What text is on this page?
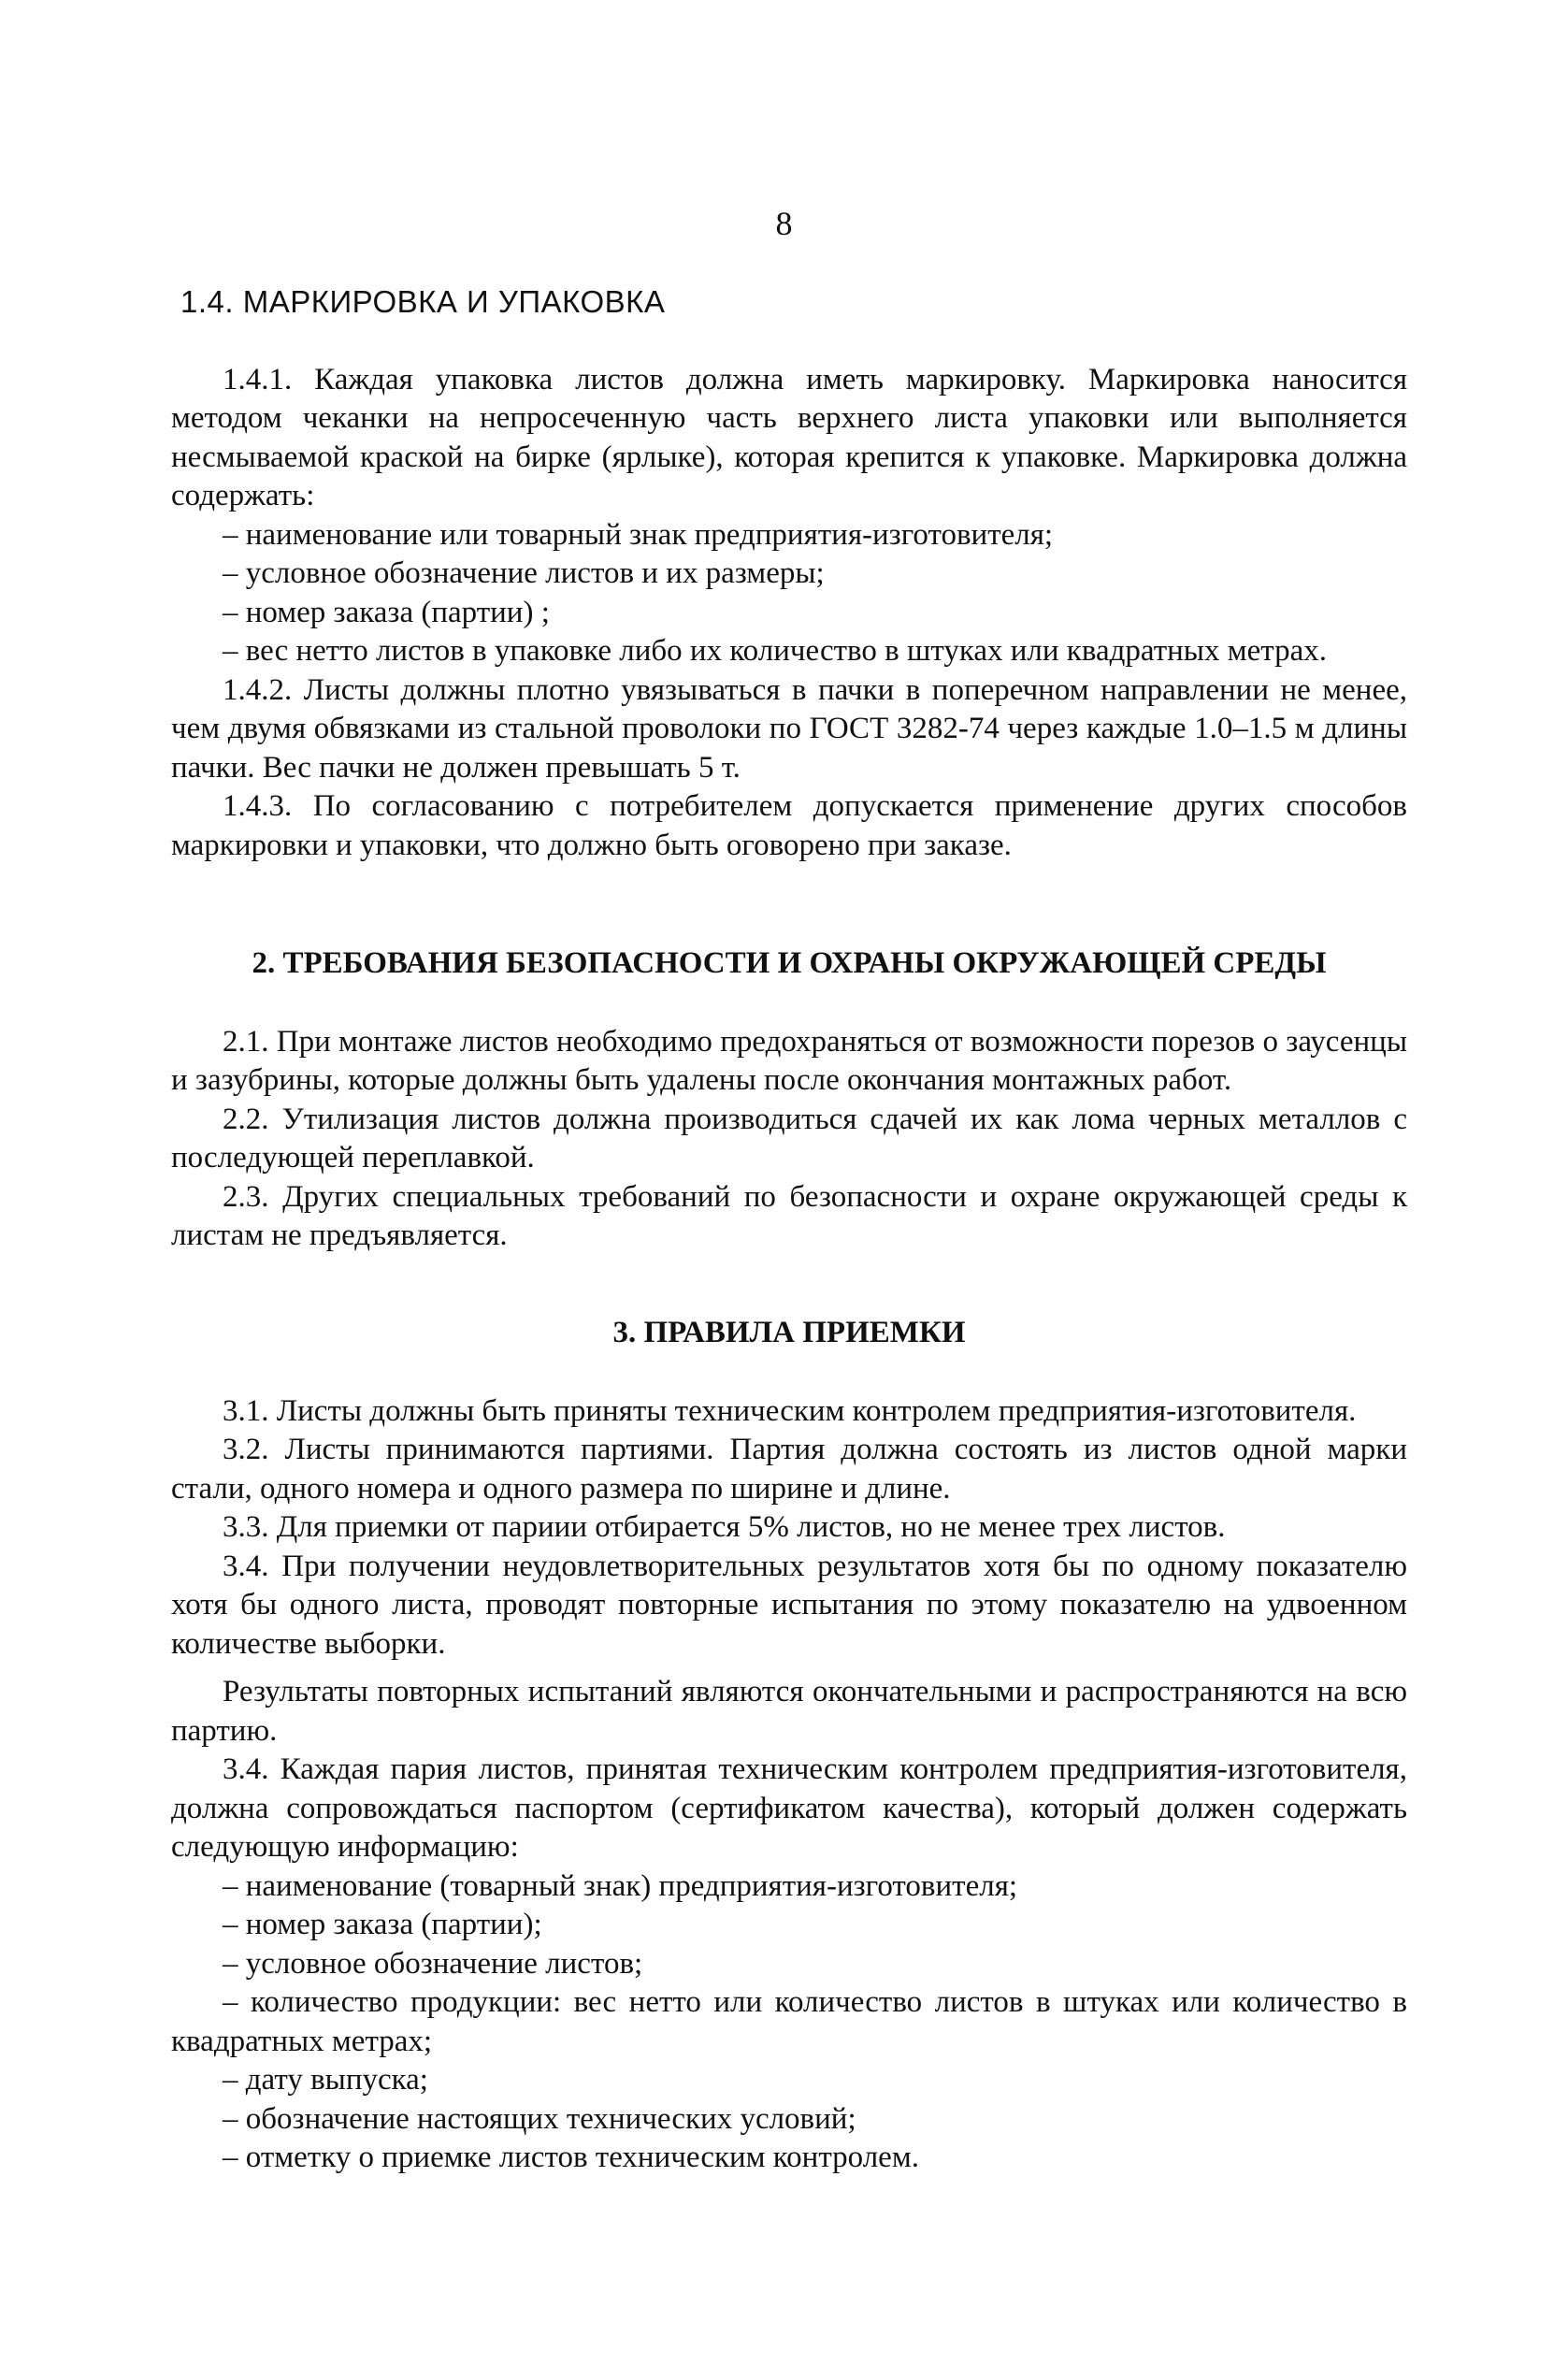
8
1.4. МАРКИРОВКА И УПАКОВКА

1.4.1. Каждая упаковка листов должна иметь маркировку. Маркировка наносится методом чеканки на непросеченную часть верхнего листа упаковки или выполняется несмываемой краской на бирке (ярлыке), которая крепится к упаковке. Маркировка должна содержать:

– наименование или товарный знак предприятия-изготовителя;
– условное обозначение листов и их размеры;
– номер заказа (партии) ;
– вес нетто листов в упаковке либо их количество в штуках или квадратных метрах.

1.4.2. Листы должны плотно увязываться в пачки в поперечном направлении не менее, чем двумя обвязками из стальной проволоки по ГОСТ 3282-74 через каждые 1.0–1.5 м длины пачки. Вес пачки не должен превышать 5 т.

1.4.3. По согласованию с потребителем допускается применение других способов маркировки и упаковки, что должно быть оговорено при заказе.

2. ТРЕБОВАНИЯ БЕЗОПАСНОСТИ И ОХРАНЫ ОКРУЖАЮЩЕЙ СРЕДЫ

2.1. При монтаже листов необходимо предохраняться от возможности порезов о заусенцы и зазубрины, которые должны быть удалены после окончания монтажных работ.

2.2. Утилизация листов должна производиться сдачей их как лома черных металлов с последующей переплавкой.

2.3. Других специальных требований по безопасности и охране окружающей среды к листам не предъявляется.

3. ПРАВИЛА ПРИЕМКИ

3.1. Листы должны быть приняты техническим контролем предприятия-изготовителя.

3.2. Листы принимаются партиями. Партия должна состоять из листов одной марки стали, одного номера и одного размера по ширине и длине.

3.3. Для приемки от париии отбирается 5% листов, но не менее трех листов.

3.4. При получении неудовлетворительных результатов хотя бы по одному показателю хотя бы одного листа, проводят повторные испытания по этому показателю на удвоенном количестве выборки.

Результаты повторных испытаний являются окончательными и распространяются на всю партию.

3.4. Каждая пария листов, принятая техническим контролем предприятия-изготовителя, должна сопровождаться паспортом (сертификатом качества), который должен содержать следующую информацию:

– наименование (товарный знак) предприятия-изготовителя;
– номер заказа (партии);
– условное обозначение листов;
– количество продукции: вес нетто или количество листов в штуках или количество в квадратных метрах;
– дату выпуска;
– обозначение настоящих технических условий;
– отметку о приемке листов техническим контролем.
